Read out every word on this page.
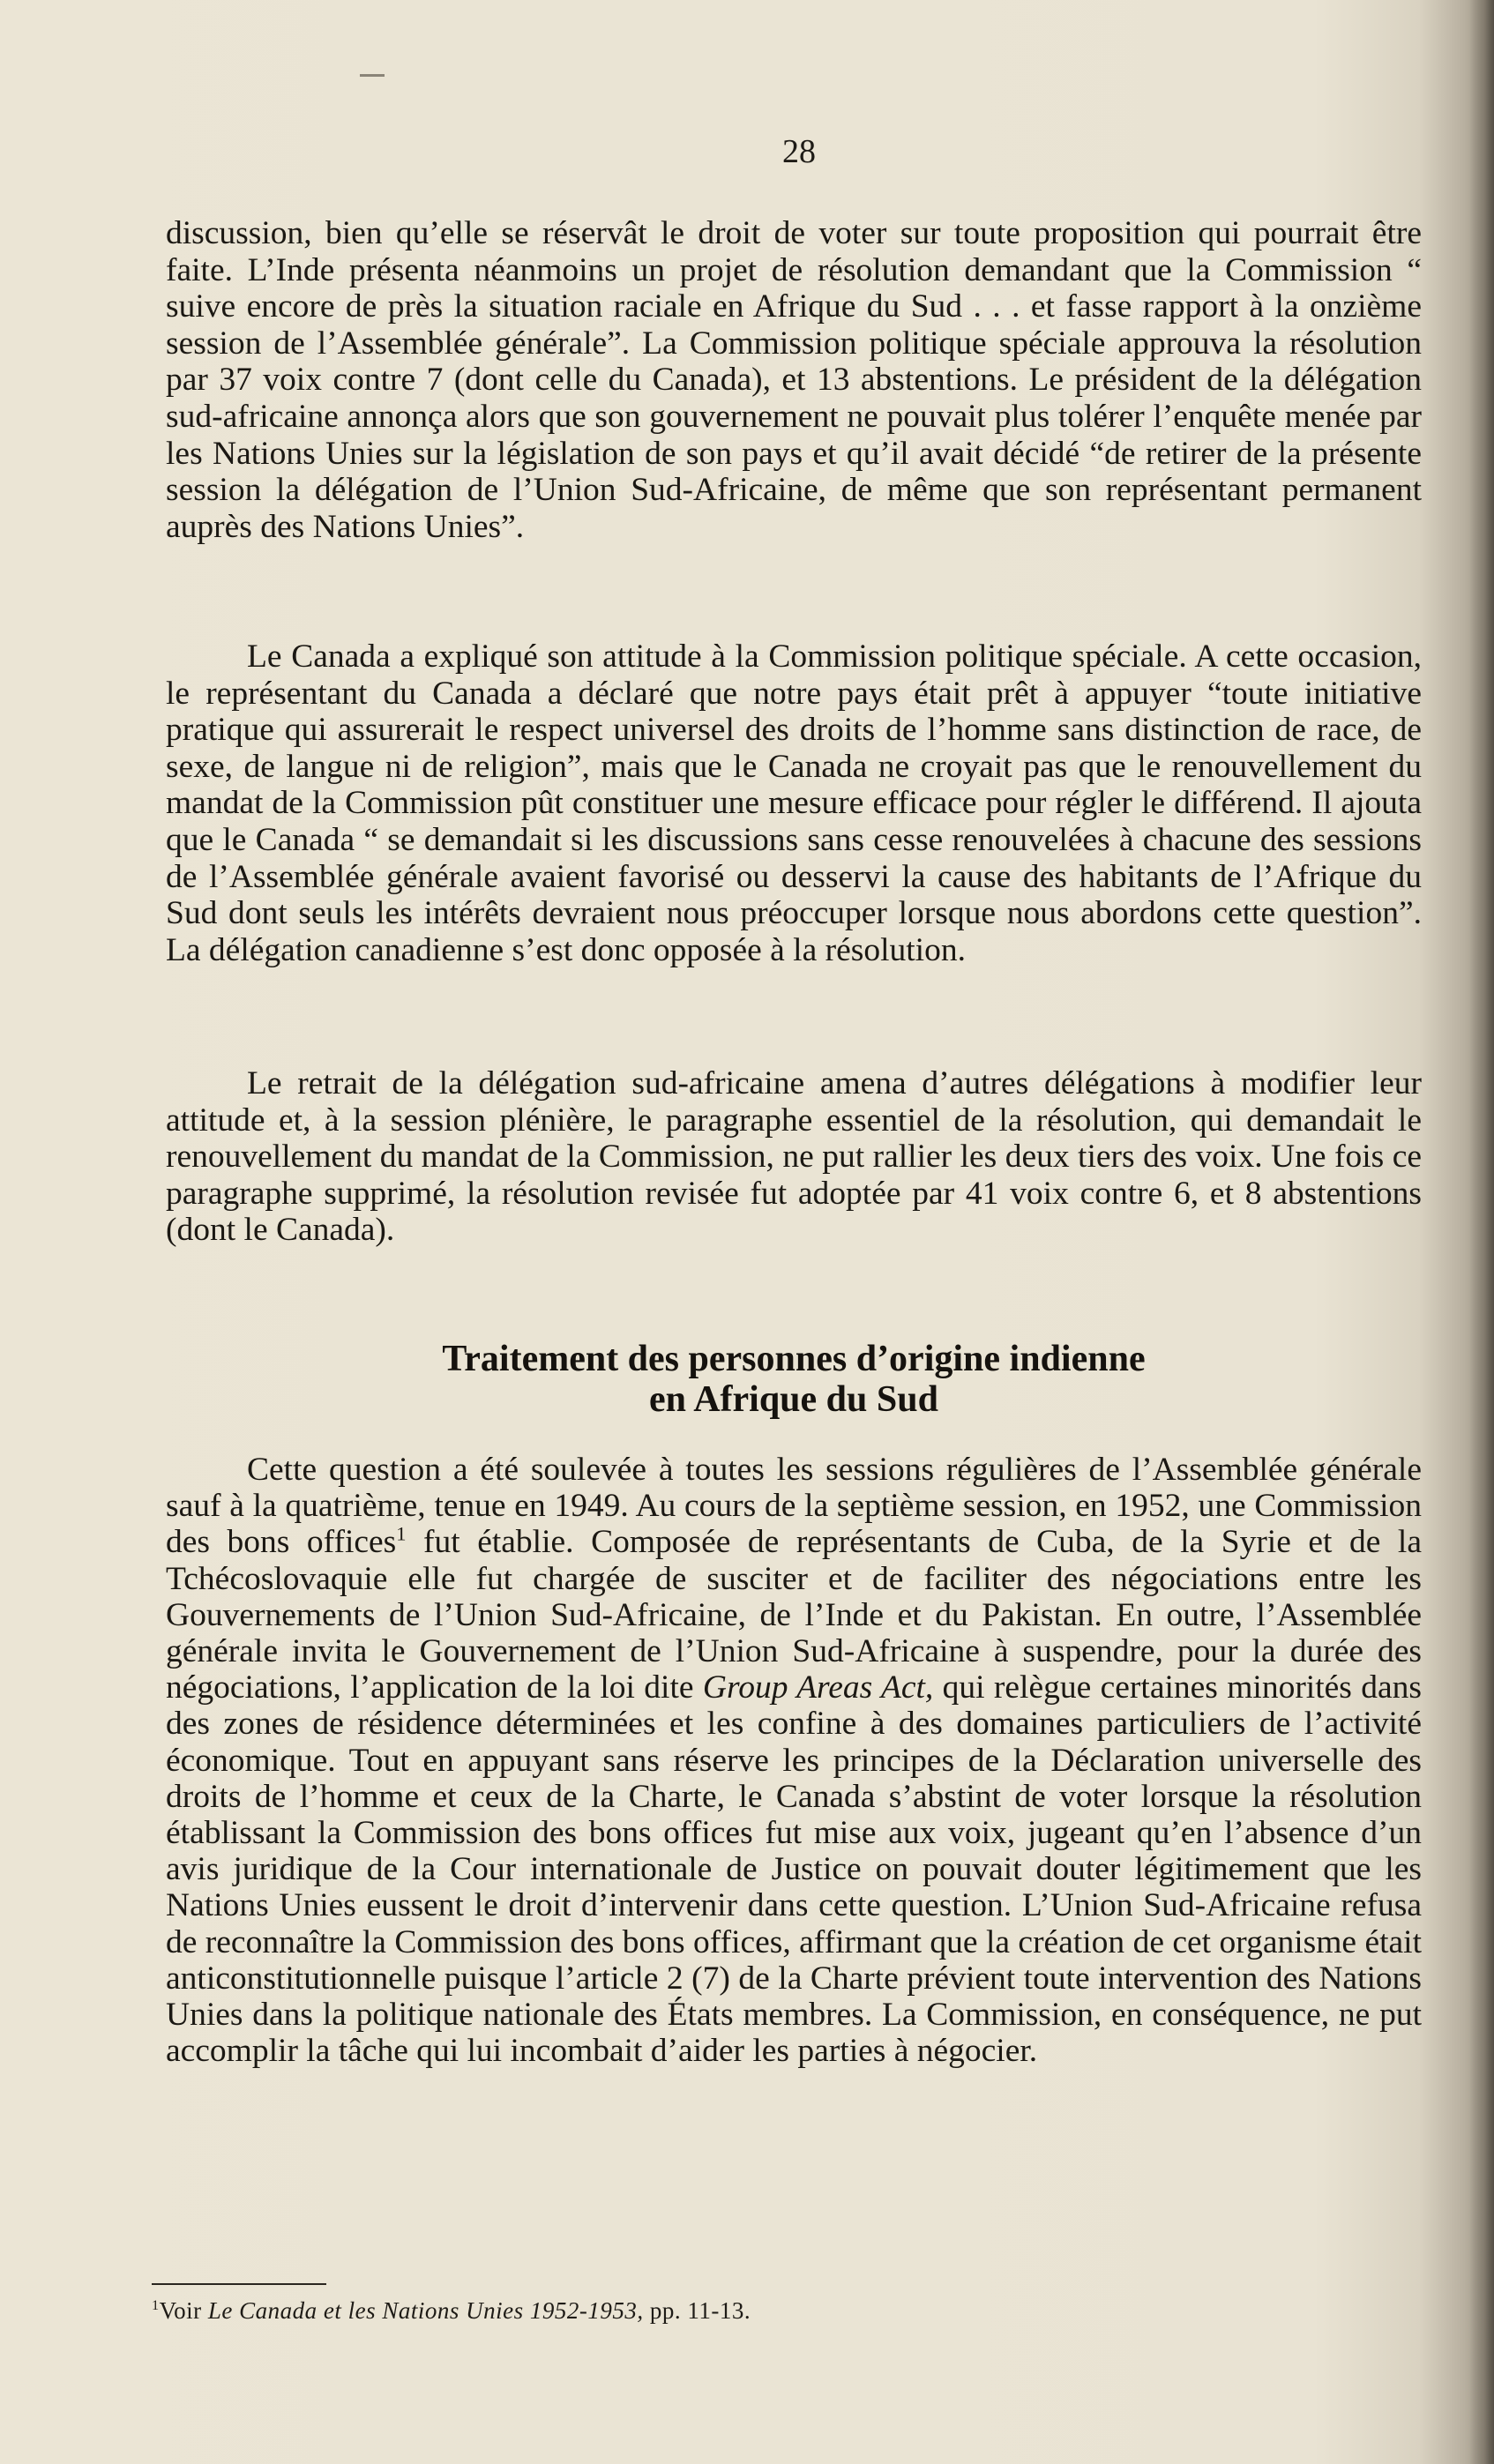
28

discussion, bien qu’elle se réservât le droit de voter sur toute proposition qui pourrait être faite. L’Inde présenta néanmoins un projet de résolution demandant que la Commission “ suive encore de près la situation raciale en Afrique du Sud . . . et fasse rapport à la onzième session de l’Assemblée générale”. La Commission politique spéciale approuva la résolution par 37 voix contre 7 (dont celle du Canada), et 13 abstentions. Le président de la délégation sud-africaine annonça alors que son gouvernement ne pouvait plus tolérer l’enquête menée par les Nations Unies sur la législation de son pays et qu’il avait décidé “de retirer de la présente session la délégation de l’Union Sud-Africaine, de même que son représentant permanent auprès des Nations Unies”.

Le Canada a expliqué son attitude à la Commission politique spéciale. A cette occasion, le représentant du Canada a déclaré que notre pays était prêt à appuyer “toute initiative pratique qui assurerait le respect universel des droits de l’homme sans distinction de race, de sexe, de langue ni de religion”, mais que le Canada ne croyait pas que le renouvellement du mandat de la Commission pût constituer une mesure efficace pour régler le différend. Il ajouta que le Canada “ se demandait si les discussions sans cesse renouvelées à chacune des sessions de l’Assemblée générale avaient favorisé ou desservi la cause des habitants de l’Afrique du Sud dont seuls les intérêts devraient nous préoccuper lorsque nous abordons cette question”. La délégation canadienne s’est donc opposée à la résolution.

Le retrait de la délégation sud-africaine amena d’autres délégations à modifier leur attitude et, à la session plénière, le paragraphe essentiel de la résolution, qui demandait le renouvellement du mandat de la Commission, ne put rallier les deux tiers des voix. Une fois ce paragraphe supprimé, la résolution revisée fut adoptée par 41 voix contre 6, et 8 abstentions (dont le Canada).

Traitement des personnes d’origine indienne
en Afrique du Sud

Cette question a été soulevée à toutes les sessions régulières de l’Assemblée générale sauf à la quatrième, tenue en 1949. Au cours de la septième session, en 1952, une Commission des bons offices$^1$ fut établie. Composée de représentants de Cuba, de la Syrie et de la Tchécoslovaquie elle fut chargée de susciter et de faciliter des négociations entre les Gouvernements de l’Union Sud-Africaine, de l’Inde et du Pakistan. En outre, l’Assemblée générale invita le Gouvernement de l’Union Sud-Africaine à suspendre, pour la durée des négociations, l’application de la loi dite Group Areas Act, qui relègue certaines minorités dans des zones de résidence déterminées et les confine à des domaines particuliers de l’activité économique. Tout en appuyant sans réserve les principes de la Déclaration universelle des droits de l’homme et ceux de la Charte, le Canada s’abstint de voter lorsque la résolution établissant la Commission des bons offices fut mise aux voix, jugeant qu’en l’absence d’un avis juridique de la Cour internationale de Justice on pouvait douter légitimement que les Nations Unies eussent le droit d’intervenir dans cette question. L’Union Sud-Africaine refusa de reconnaître la Commission des bons offices, affirmant que la création de cet organisme était anticonstitutionnelle puisque l’article 2 (7) de la Charte prévient toute intervention des Nations Unies dans la politique nationale des États membres. La Commission, en conséquence, ne put accomplir la tâche qui lui incombait d’aider les parties à négocier.

$^1$Voir Le Canada et les Nations Unies 1952-1953, pp. 11-13.
